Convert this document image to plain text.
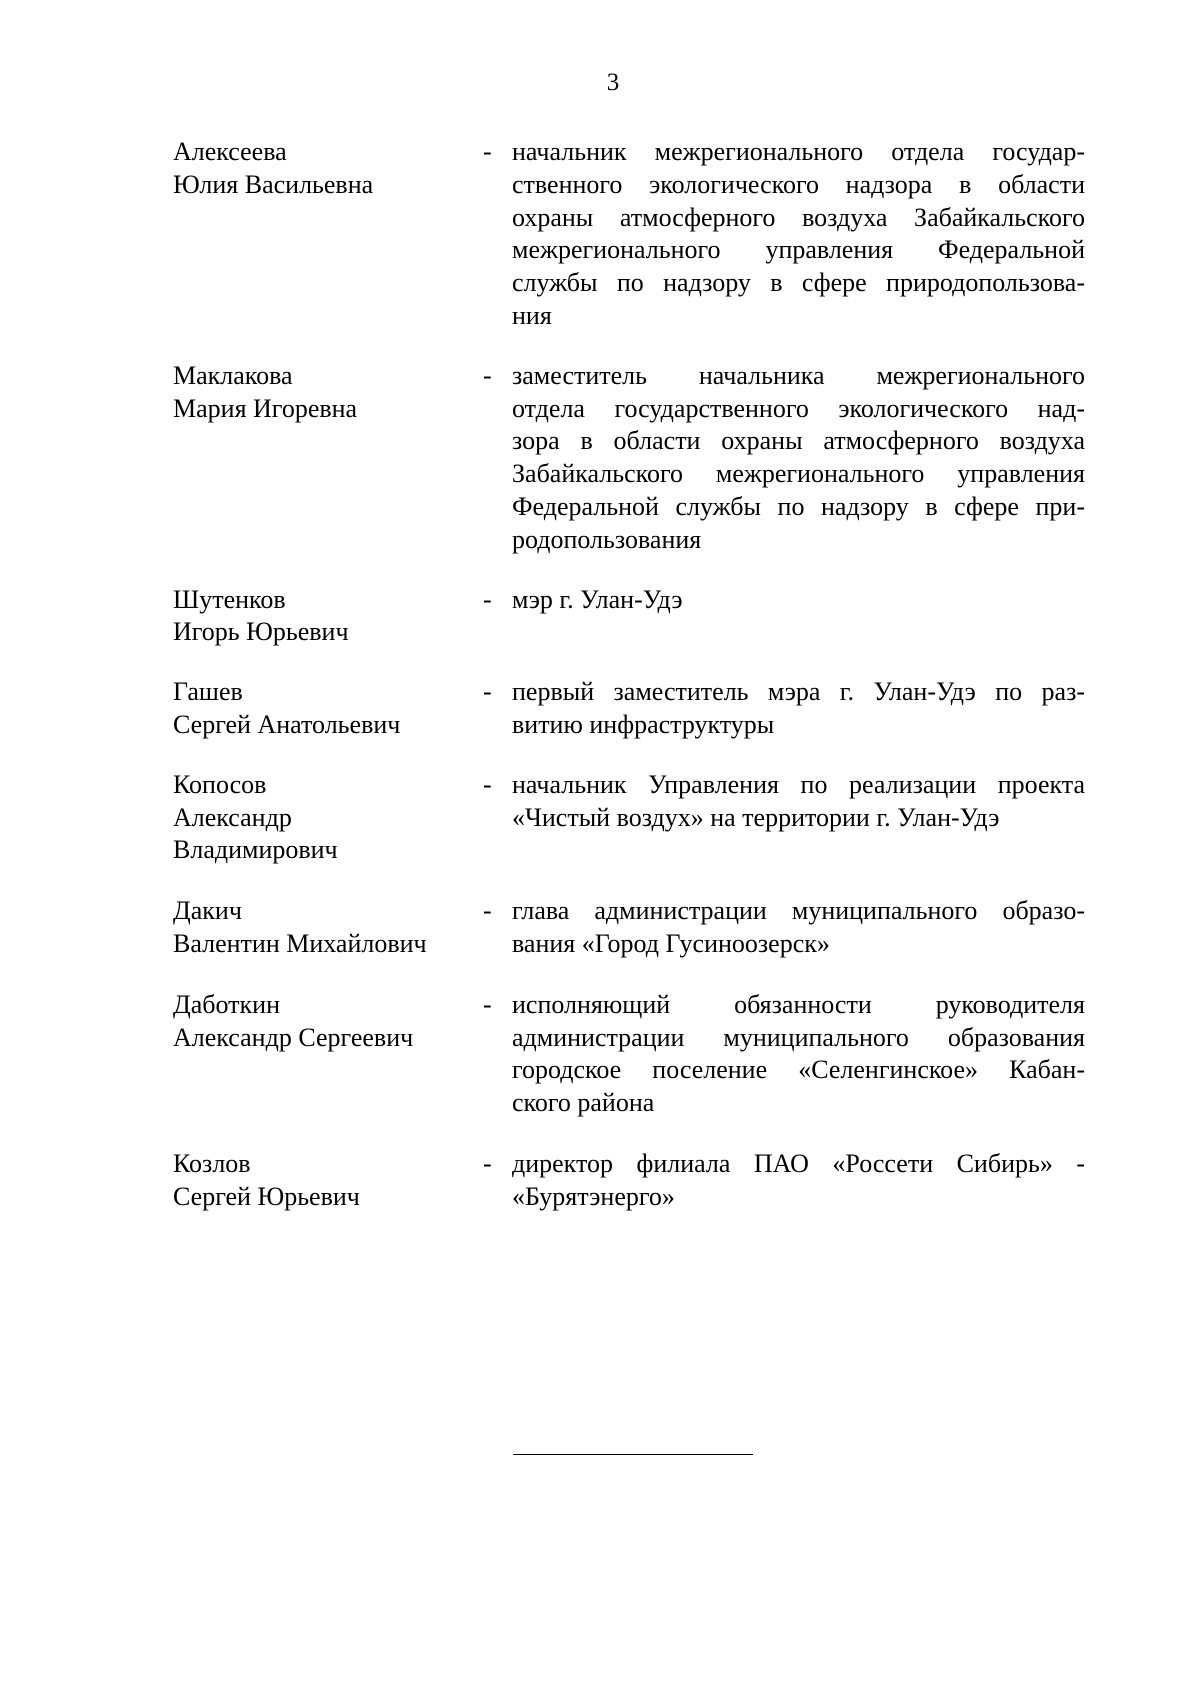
3
Алексеева
Юлия Васильевна
- начальник межрегионального отдела государ-
ственного экологического надзора в области
охраны атмосферного воздуха Забайкальского
межрегионального управления Федеральной
службы по надзору в сфере природопользова-
ния
Маклакова
Мария Игоревна
- заместитель начальника межрегионального
отдела государственного экологического над-
зора в области охраны атмосферного воздуха
Забайкальского межрегионального управления
Федеральной службы по надзору в сфере при-
родопользования
Шутенков
Игорь Юрьевич
- мэр г. Улан-Удэ
Гашев
Сергей Анатольевич
- первый заместитель мэра г. Улан-Удэ по раз-
витию инфраструктуры
Копосов
Александр
Владимирович
- начальник Управления по реализации проекта
«Чистый воздух» на территории г. Улан-Удэ
Дакич
Валентин Михайлович
- глава администрации муниципального образо-
вания «Город Гусиноозерск»
Даботкин
Александр Сергеевич
- исполняющий обязанности руководителя
администрации муниципального образования
городское поселение «Селенгинское» Кабан-
ского района
Козлов
Сергей Юрьевич
- директор филиала ПАО «Россети Сибирь» -
«Бурятэнерго»
